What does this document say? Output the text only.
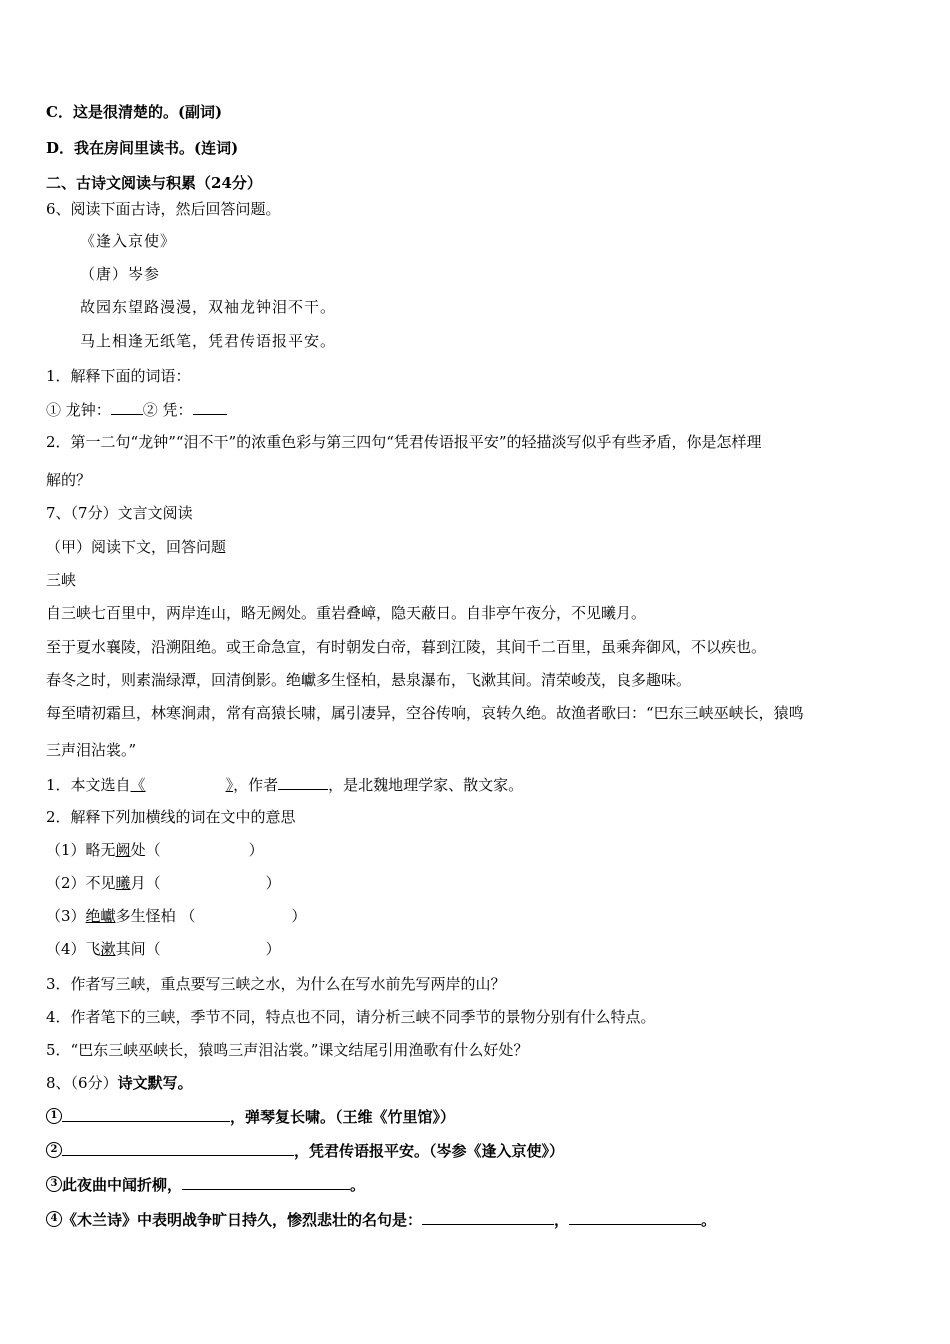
C．这是很清楚的。(副词)
D．我在房间里读书。(连词)
二、古诗文阅读与积累（24分）
6、阅读下面古诗，然后回答问题。
《逢入京使》
（唐）岑参
故园东望路漫漫，双袖龙钟泪不干。
马上相逢无纸笔，凭君传语报平安。
1．解释下面的词语：
① 龙钟： ② 凭：
2．第一二句“龙钟”“泪不干”的浓重色彩与第三四句“凭君传语报平安”的轻描淡写似乎有些矛盾，你是怎样理
解的？
7、（7分）文言文阅读
（甲）阅读下文，回答问题
三峡
自三峡七百里中，两岸连山，略无阙处。重岩叠嶂，隐天蔽日。自非亭午夜分，不见曦月。
至于夏水襄陵，沿溯阻绝。或王命急宣，有时朝发白帝，暮到江陵，其间千二百里，虽乘奔御风，不以疾也。
春冬之时，则素湍绿潭，回清倒影。绝巘多生怪柏，悬泉瀑布，飞漱其间。清荣峻茂，良多趣味。
每至晴初霜旦，林寒涧肃，常有高猿长啸，属引凄异，空谷传响，哀转久绝。故渔者歌曰：“巴东三峡巫峡长，猿鸣
三声泪沾裳。”
1．本文选自《	》，作者	，是北魏地理学家、散文家。
2．解释下列加横线的词在文中的意思
（1）略无阙处（	）
（2）不见曦月（	）
（3）绝巘多生怪柏 （	）
（4）飞漱其间（	）
3．作者写三峡，重点要写三峡之水，为什么在写水前先写两岸的山？
4．作者笔下的三峡，季节不同，特点也不同，请分析三峡不同季节的景物分别有什么特点。
5．“巴东三峡巫峡长，猿鸣三声泪沾裳。”课文结尾引用渔歌有什么好处？
8、（6分）诗文默写。
1	，弹琴复长啸。（王维《竹里馆》）
2	，凭君传语报平安。（岑参《逢入京使》）
3 此夜曲中闻折柳，	。
4 《木兰诗》中表明战争旷日持久，惨烈悲壮的名句是：	，	。
